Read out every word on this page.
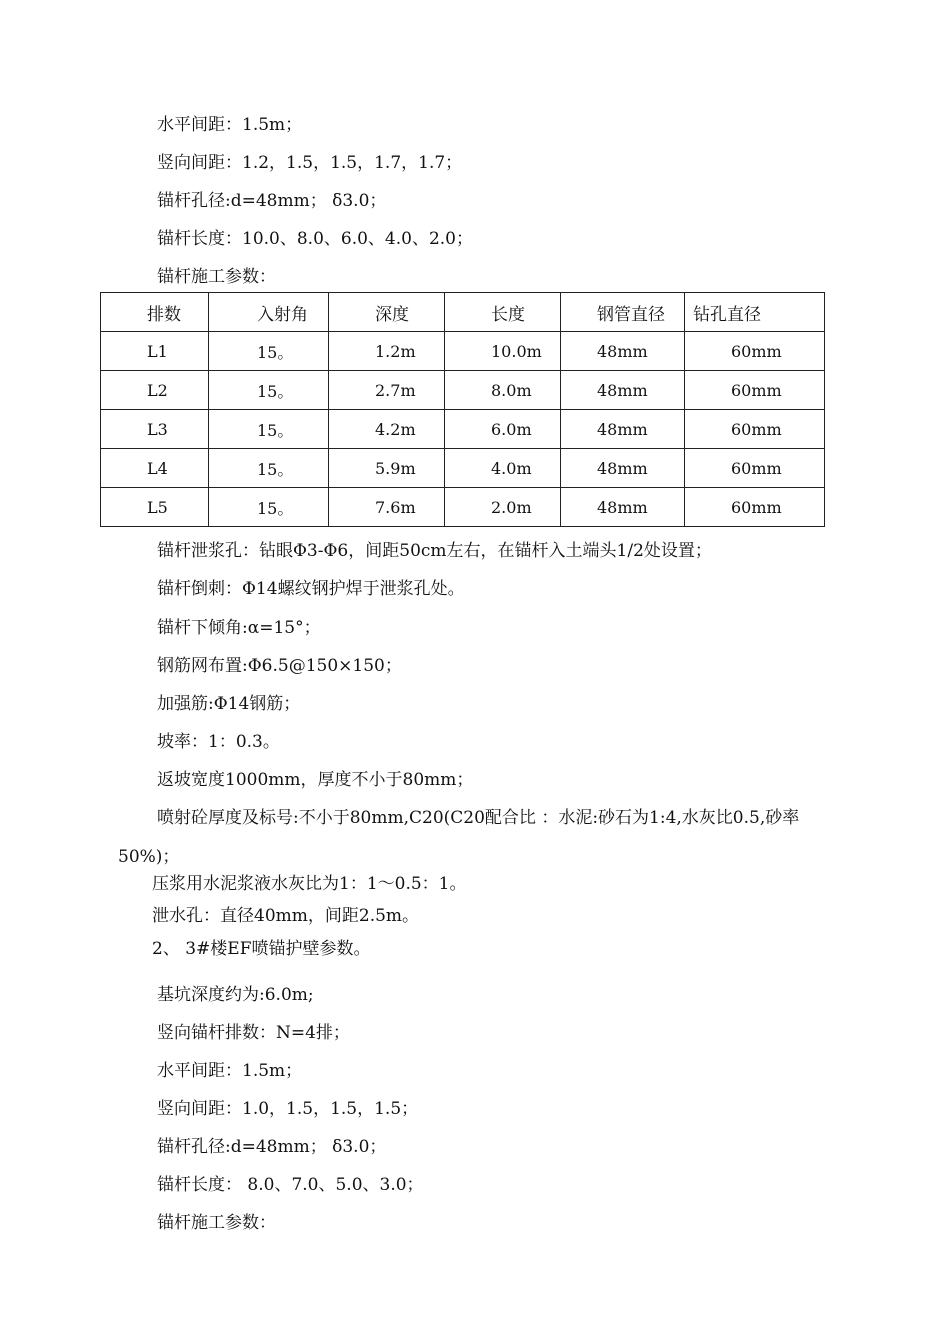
水平间距：1.5m；
竖向间距：1.2，1.5，1.5，1.7，1.7；
锚杆孔径:d=48mm； δ3.0；
锚杆长度：10.0、8.0、6.0、4.0、2.0；
锚杆施工参数：
排数	入射角	深度	长度	钢管直径	钻孔直径
L1	15。	1.2m	10.0m	48mm	60mm
L2	15。	2.7m	8.0m	48mm	60mm
L3	15。	4.2m	6.0m	48mm	60mm
L4	15。	5.9m	4.0m	48mm	60mm
L5	15。	7.6m	2.0m	48mm	60mm
锚杆泄浆孔：钻眼Φ3-Φ6，间距50cm左右，在锚杆入土端头1/2处设置；
锚杆倒刺：Φ14螺纹钢护焊于泄浆孔处。
锚杆下倾角:α=15°；
钢筋网布置:Φ6.5@150×150；
加强筋:Φ14钢筋；
坡率：1：0.3。
返坡宽度1000mm，厚度不小于80mm；
喷射砼厚度及标号:不小于80mm,C20(C20配合比 ：水泥:砂石为1:4,水灰比0.5,砂率
50%)；
压浆用水泥浆液水灰比为1：1～0.5：1。
泄水孔：直径40mm，间距2.5m。
2、 3#楼EF喷锚护壁参数。
基坑深度约为:6.0m;
竖向锚杆排数：N=4排；
水平间距：1.5m；
竖向间距：1.0，1.5，1.5，1.5；
锚杆孔径:d=48mm； δ3.0；
锚杆长度： 8.0、7.0、5.0、3.0；
锚杆施工参数：
